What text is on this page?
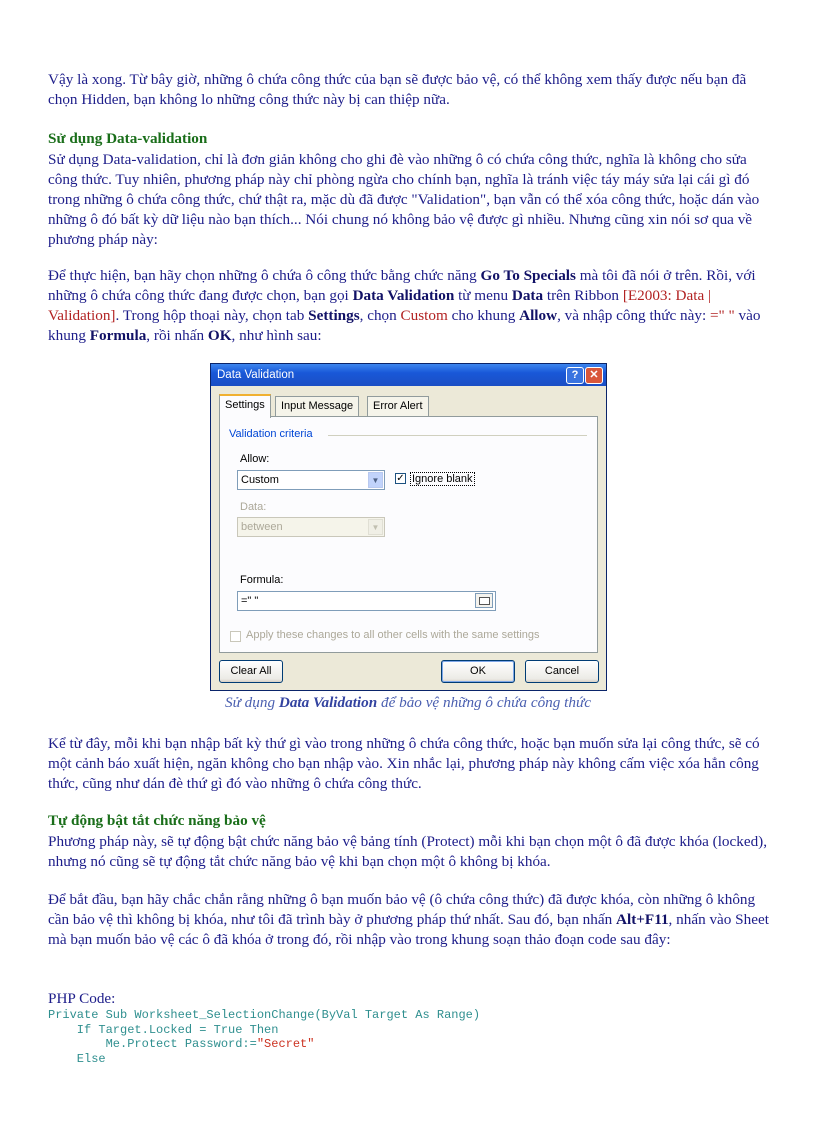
Vậy là xong. Từ bây giờ, những ô chứa công thức của bạn sẽ được bảo vệ, có thể không xem thấy được nếu bạn đã chọn Hidden, bạn không lo những công thức này bị can thiệp nữa.
Sử dụng Data-validation
Sử dụng Data-validation, chỉ là đơn giản không cho ghi đè vào những ô có chứa công thức, nghĩa là không cho sửa công thức. Tuy nhiên, phương pháp này chỉ phòng ngừa cho chính bạn, nghĩa là tránh việc táy máy sửa lại cái gì đó trong những ô chứa công thức, chứ thật ra, mặc dù đã được "Validation", bạn vẫn có thể xóa công thức, hoặc dán vào những ô đó bất kỳ dữ liệu nào bạn thích... Nói chung nó không bảo vệ được gì nhiều. Nhưng cũng xin nói sơ qua về phương pháp này:
Để thực hiện, bạn hãy chọn những ô chứa ô công thức bằng chức năng Go To Specials mà tôi đã nói ở trên. Rồi, với những ô chứa công thức đang được chọn, bạn gọi Data Validation từ menu Data trên Ribbon [E2003: Data | Validation]. Trong hộp thoại này, chọn tab Settings, chọn Custom cho khung Allow, và nhập công thức này: =" " vào khung Formula, rồi nhấn OK, như hình sau:
Data Validation	?	✕
Input Message	Error Alert
Settings
Validation criteria
Allow:
Custom	▼	✓ Ignore blank
Data:
between	▼
Formula:
=" "
Apply these changes to all other cells with the same settings
Clear All	OK	Cancel
Sử dụng Data Validation để bảo vệ những ô chứa công thức
Kể từ đây, mỗi khi bạn nhập bất kỳ thứ gì vào trong những ô chứa công thức, hoặc bạn muốn sửa lại công thức, sẽ có một cảnh báo xuất hiện, ngăn không cho bạn nhập vào. Xin nhắc lại, phương pháp này không cấm việc xóa hẳn công thức, cũng như dán đè thứ gì đó vào những ô chứa công thức.
Tự động bật tắt chức năng bảo vệ
Phương pháp này, sẽ tự động bật chức năng bảo vệ bảng tính (Protect) mỗi khi bạn chọn một ô đã được khóa (locked), nhưng nó cũng sẽ tự động tắt chức năng bảo vệ khi bạn chọn một ô không bị khóa.
Để bắt đầu, bạn hãy chắc chắn rằng những ô bạn muốn bảo vệ (ô chứa công thức) đã được khóa, còn những ô không cần bảo vệ thì không bị khóa, như tôi đã trình bày ở phương pháp thứ nhất. Sau đó, bạn nhấn Alt+F11, nhấn vào Sheet mà bạn muốn bảo vệ các ô đã khóa ở trong đó, rồi nhập vào trong khung soạn thảo đoạn code sau đây:
PHP Code:
Private Sub Worksheet_SelectionChange(ByVal Target As Range)
If Target.Locked = True Then
Me.Protect Password:="Secret"
Else
